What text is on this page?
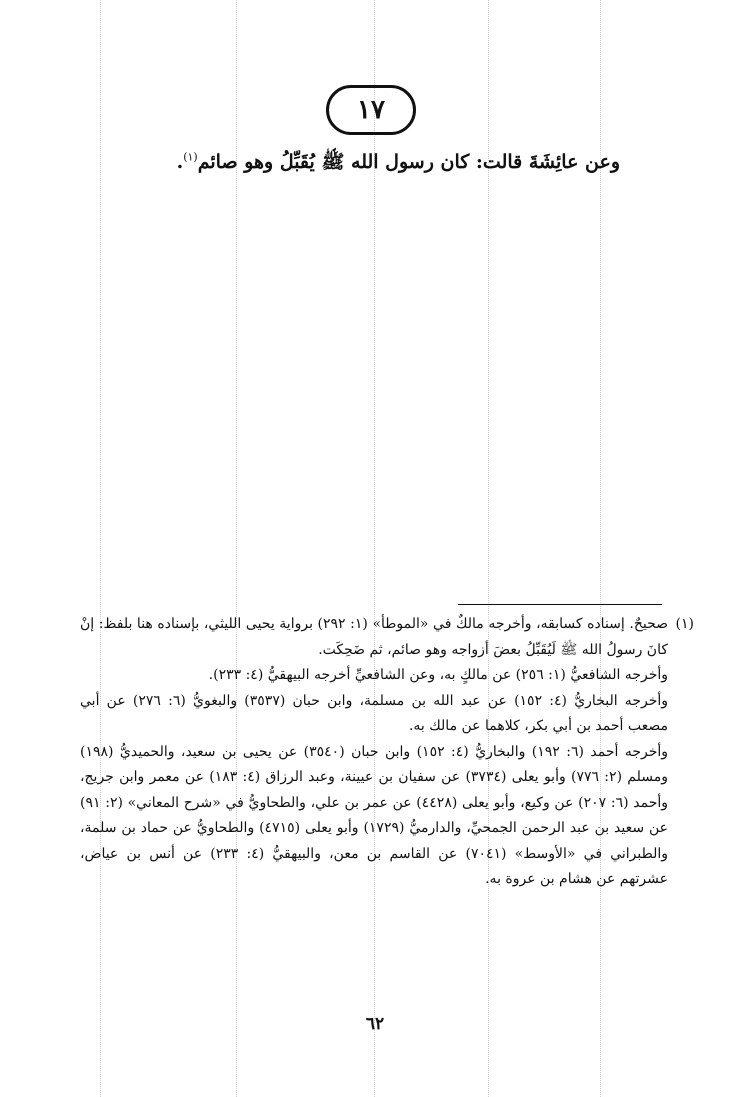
١٧
وعن عائِشَةَ قالت: كان رسول الله ﷺ يُقَبِّلُ وهو صائم$^{(١)}$.
(١)

صحيحٌ. إسناده كسابقه، وأخرجه مالكٌ في «الموطأ» (١: ٢٩٢) برواية يحيى الليثي، بإسناده هنا بلفظ: إنْ كانَ رسولُ الله ﷺ لَيُقَبِّلُ بعضَ أزواجه وهو صائم، ثم ضَحِكَت.

وأخرجه الشافعيُّ (١: ٢٥٦) عن مالكٍ به، وعن الشافعيِّ أخرجه البيهقيُّ (٤: ٢٣٣).

وأخرجه البخاريُّ (٤: ١٥٢) عن عبد الله بن مسلمة، وابن حبان (٣٥٣٧) والبغويُّ (٦: ٢٧٦) عن أبي مصعب أحمد بن أبي بكر، كلاهما عن مالك به.

وأخرجه أحمد (٦: ١٩٢) والبخاريُّ (٤: ١٥٢) وابن حبان (٣٥٤٠) عن يحيى بن سعيد، والحميديُّ (١٩٨) ومسلم (٢: ٧٧٦) وأبو يعلى (٣٧٣٤) عن سفيان بن عيينة، وعبد الرزاق (٤: ١٨٣) عن معمر وابن جريج، وأحمد (٦: ٢٠٧) عن وكيع، وأبو يعلى (٤٤٢٨) عن عمر بن علي، والطحاويُّ في «شرح المعاني» (٢: ٩١) عن سعيد بن عبد الرحمن الجمحيِّ، والدارميُّ (١٧٢٩) وأبو يعلى (٤٧١٥) والطحاويُّ عن حماد بن سلمة، والطبراني في «الأوسط» (٧٠٤١) عن القاسم بن معن، والبيهقيُّ (٤: ٢٣٣) عن أنس بن عياض، عشرتهم عن هشام بن عروة به.

٦٢
